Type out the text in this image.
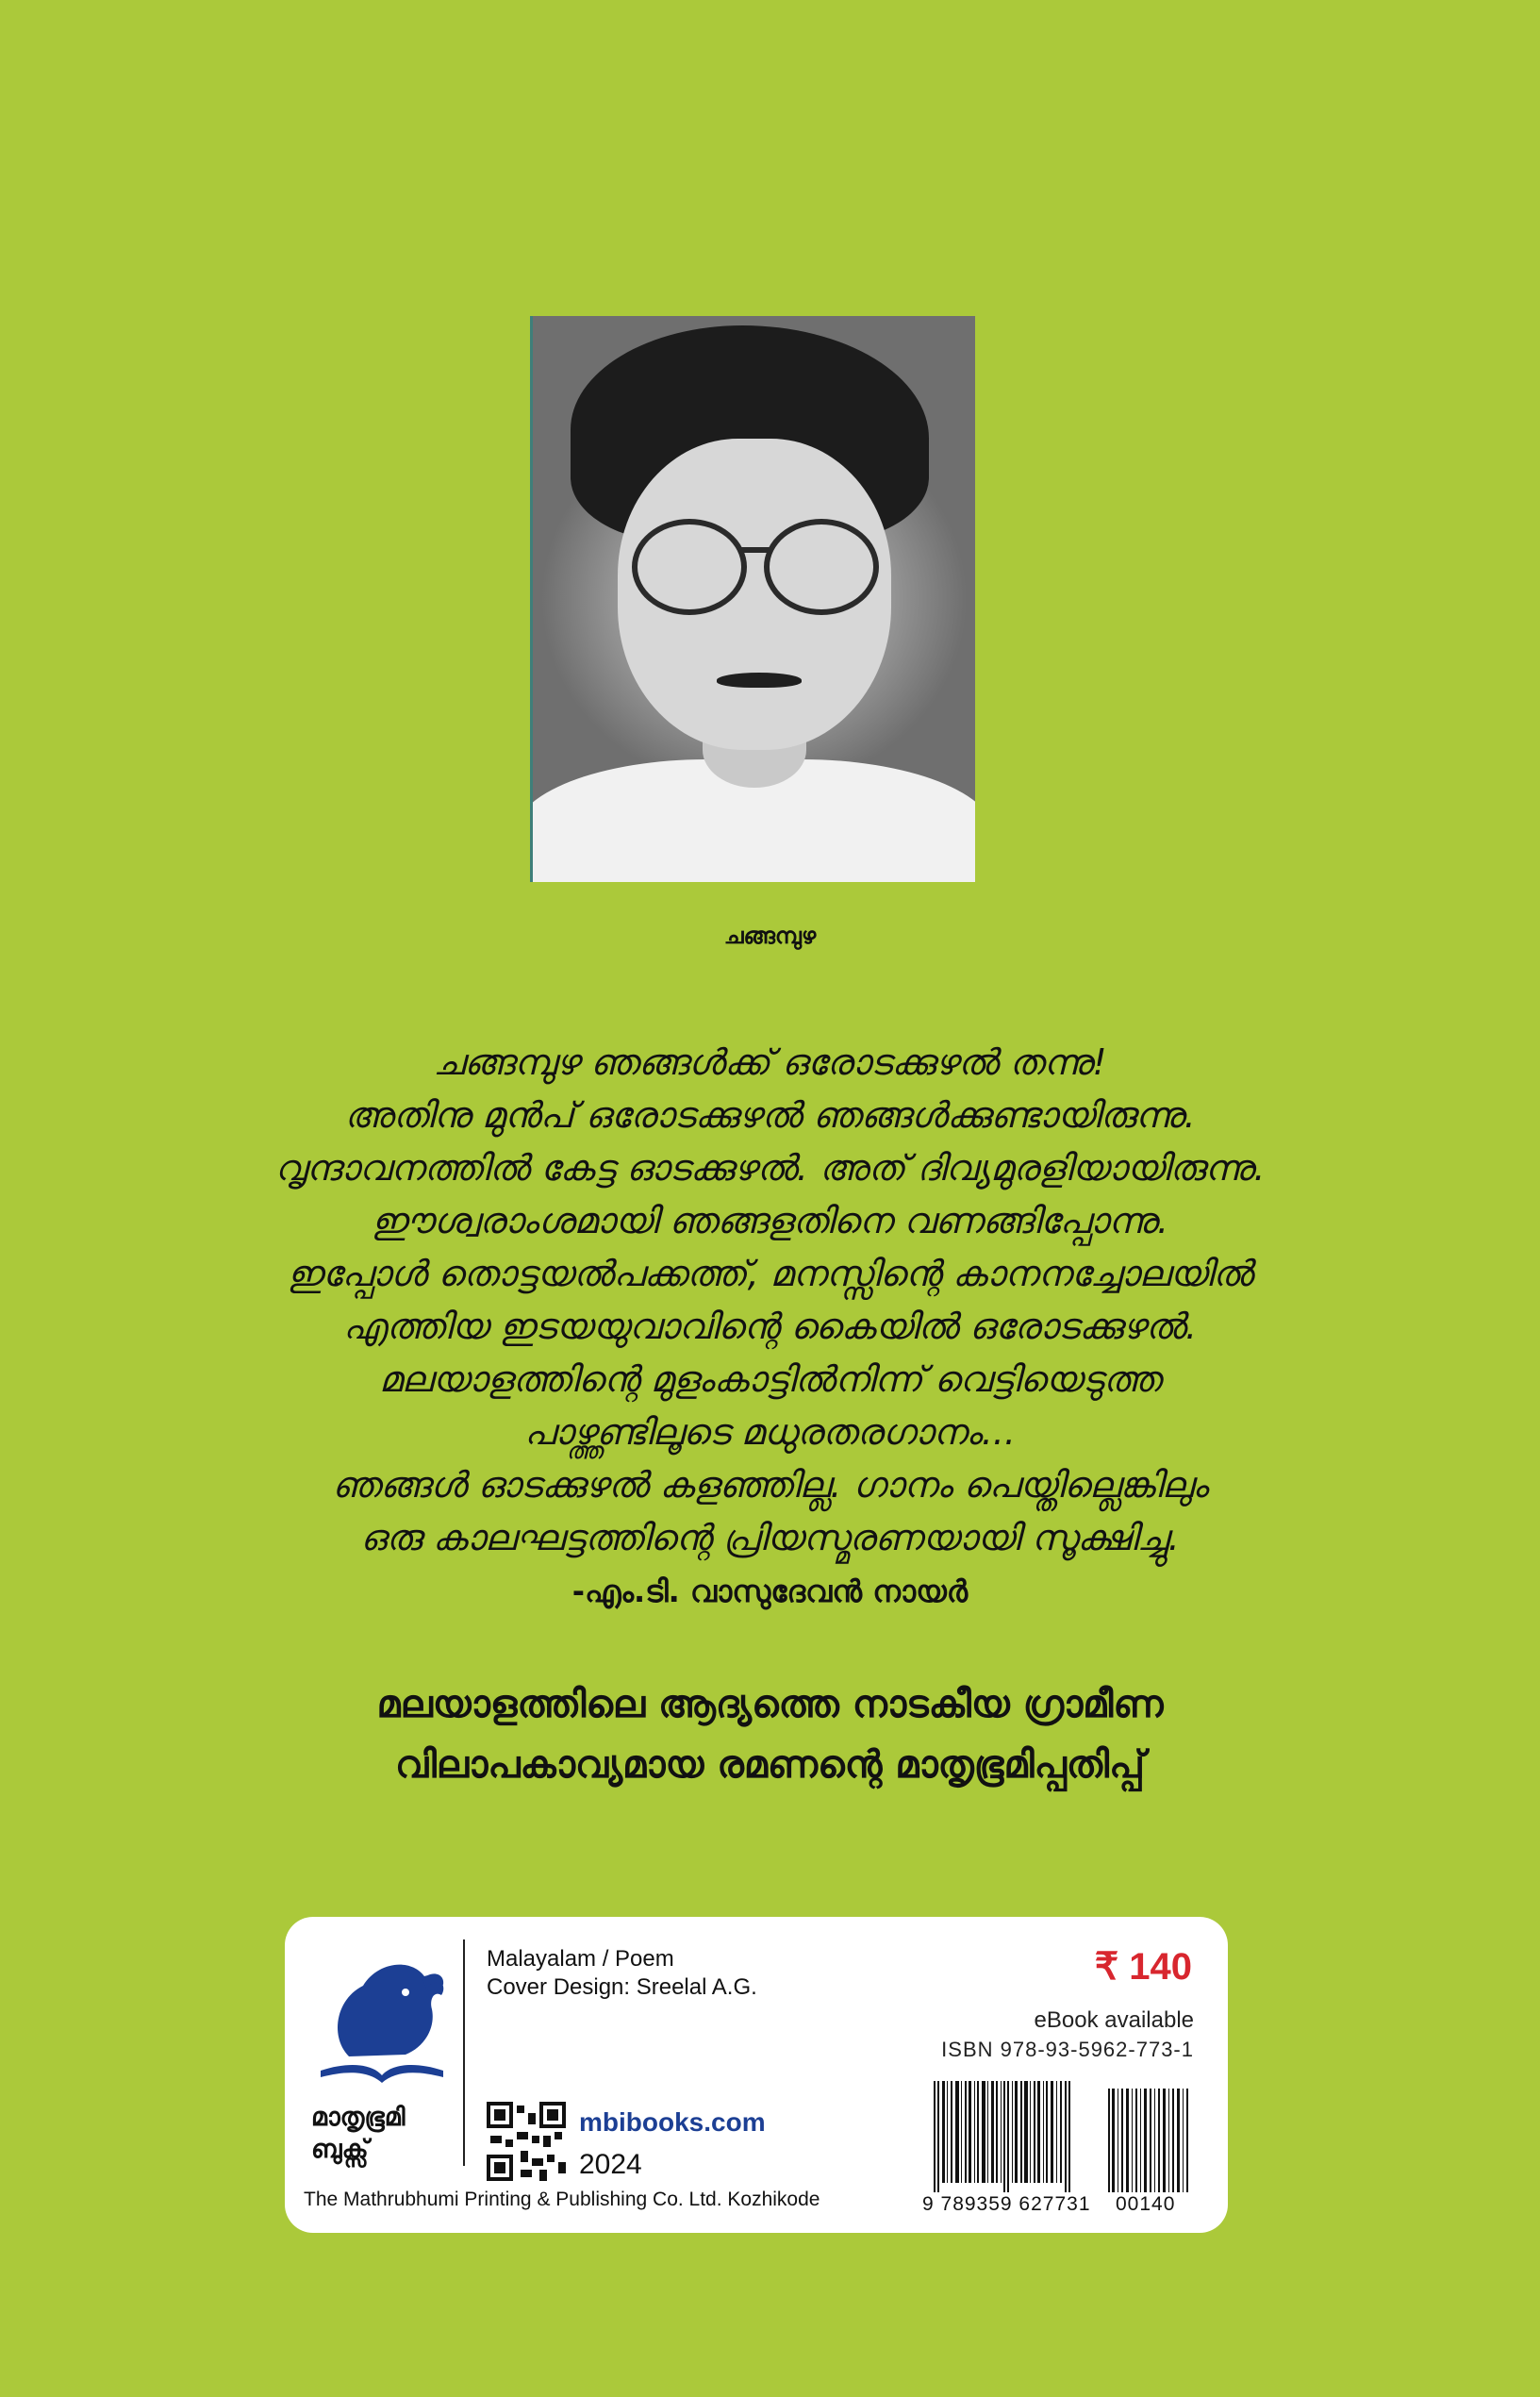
ചങ്ങമ്പുഴ
ചങ്ങമ്പുഴ ഞങ്ങൾക്ക് ഒരോടക്കുഴൽ തന്നു!
അതിനു മുൻപ് ഒരോടക്കുഴൽ ഞങ്ങൾക്കുണ്ടായിരുന്നു.
വൃന്ദാവനത്തിൽ കേട്ട ഓടക്കുഴൽ. അത് ദിവ്യമുരളിയായിരുന്നു.
ഈശ്വരാംശമായി ഞങ്ങളതിനെ വണങ്ങിപ്പോന്നു.
ഇപ്പോൾ തൊട്ടയൽപക്കത്ത്, മനസ്സിന്റെ കാനനച്ചോലയിൽ
എത്തിയ ഇടയയുവാവിന്റെ കൈയിൽ ഒരോടക്കുഴൽ.
മലയാളത്തിന്റെ മുളംകാട്ടിൽനിന്ന് വെട്ടിയെടുത്ത
പാഴ്ത്തണ്ടിലൂടെ മധുരതരഗാനം...
ഞങ്ങൾ ഓടക്കുഴൽ കളഞ്ഞില്ല. ഗാനം പെയ്തില്ലെങ്കിലും
ഒരു കാലഘട്ടത്തിന്റെ പ്രിയസ്മരണയായി സൂക്ഷിച്ചു.
-എം.ടി. വാസുദേവൻ നായർ
മലയാളത്തിലെ ആദ്യത്തെ നാടകീയ ഗ്രാമീണ
വിലാപകാവ്യമായ രമണന്റെ മാതൃഭൂമിപ്പതിപ്പ്
മാതൃഭൂമി
ബുക്സ്
Malayalam / Poem
Cover Design: Sreelal A.G.
mbibooks.com
2024
The Mathrubhumi Printing & Publishing Co. Ltd. Kozhikode
₹ 140
eBook available
ISBN 978-93-5962-773-1
9 789359 627731 00140
